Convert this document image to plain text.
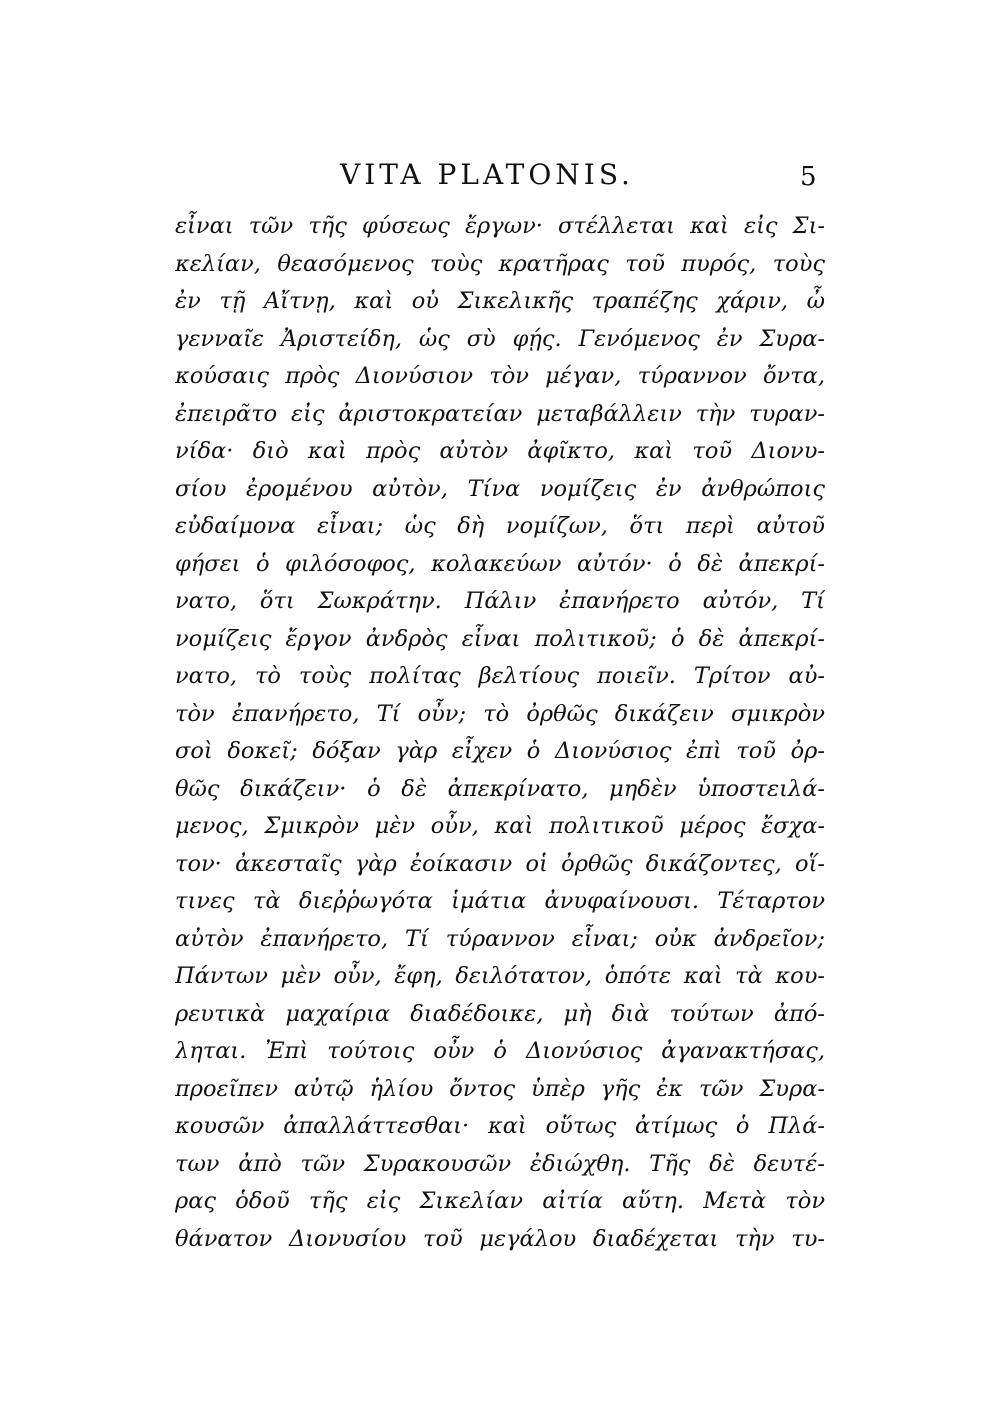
VITA PLATONIS.	5
εἶναι τῶν τῆς φύσεως ἔργων· στέλλεται καὶ εἰς Σι-
κελίαν, θεασόμενος τοὺς κρατῆρας τοῦ πυρός, τοὺς
ἐν τῇ Αἴτνῃ, καὶ οὐ Σικελικῆς τραπέζης χάριν, ὦ
γενναῖε Ἀριστείδη, ὡς σὺ φῄς. Γενόμενος ἐν Συρα-
κούσαις πρὸς Διονύσιον τὸν μέγαν, τύραννον ὄντα,
ἐπειρᾶτο εἰς ἀριστοκρατείαν μεταβάλλειν τὴν τυραν-
νίδα· διὸ καὶ πρὸς αὐτὸν ἀφῖκτο, καὶ τοῦ Διονυ-
σίου ἐρομένου αὐτὸν, Τίνα νομίζεις ἐν ἀνθρώποις
εὐδαίμονα εἶναι; ὡς δὴ νομίζων, ὅτι περὶ αὐτοῦ
φήσει ὁ φιλόσοφος, κολακεύων αὐτόν· ὁ δὲ ἀπεκρί-
νατο, ὅτι Σωκράτην. Πάλιν ἐπανήρετο αὐτόν, Τί
νομίζεις ἔργον ἀνδρὸς εἶναι πολιτικοῦ; ὁ δὲ ἀπεκρί-
νατο, τὸ τοὺς πολίτας βελτίους ποιεῖν. Τρίτον αὐ-
τὸν ἐπανήρετο, Τί οὖν; τὸ ὀρθῶς δικάζειν σμικρὸν
σοὶ δοκεῖ; δόξαν γὰρ εἶχεν ὁ Διονύσιος ἐπὶ τοῦ ὀρ-
θῶς δικάζειν· ὁ δὲ ἀπεκρίνατο, μηδὲν ὑποστειλά-
μενος, Σμικρὸν μὲν οὖν, καὶ πολιτικοῦ μέρος ἔσχα-
τον· ἀκεσταῖς γὰρ ἐοίκασιν οἱ ὀρθῶς δικάζοντες, οἵ-
τινες τὰ διεῤῥωγότα ἱμάτια ἀνυφαίνουσι. Τέταρτον
αὐτὸν ἐπανήρετο, Τί τύραννον εἶναι; οὐκ ἀνδρεῖον;
Πάντων μὲν οὖν, ἔφη, δειλότατον, ὁπότε καὶ τὰ κου-
ρευτικὰ μαχαίρια διαδέδοικε, μὴ διὰ τούτων ἀπό-
ληται. Ἐπὶ τούτοις οὖν ὁ Διονύσιος ἀγανακτήσας,
προεῖπεν αὐτῷ ἡλίου ὄντος ὑπὲρ γῆς ἐκ τῶν Συρα-
κουσῶν ἀπαλλάττεσθαι· καὶ οὕτως ἀτίμως ὁ Πλά-
των ἀπὸ τῶν Συρακουσῶν ἐδιώχθη. Τῆς δὲ δευτέ-
ρας ὁδοῦ τῆς εἰς Σικελίαν αἰτία αὕτη. Μετὰ τὸν
θάνατον Διονυσίου τοῦ μεγάλου διαδέχεται τὴν τυ-
